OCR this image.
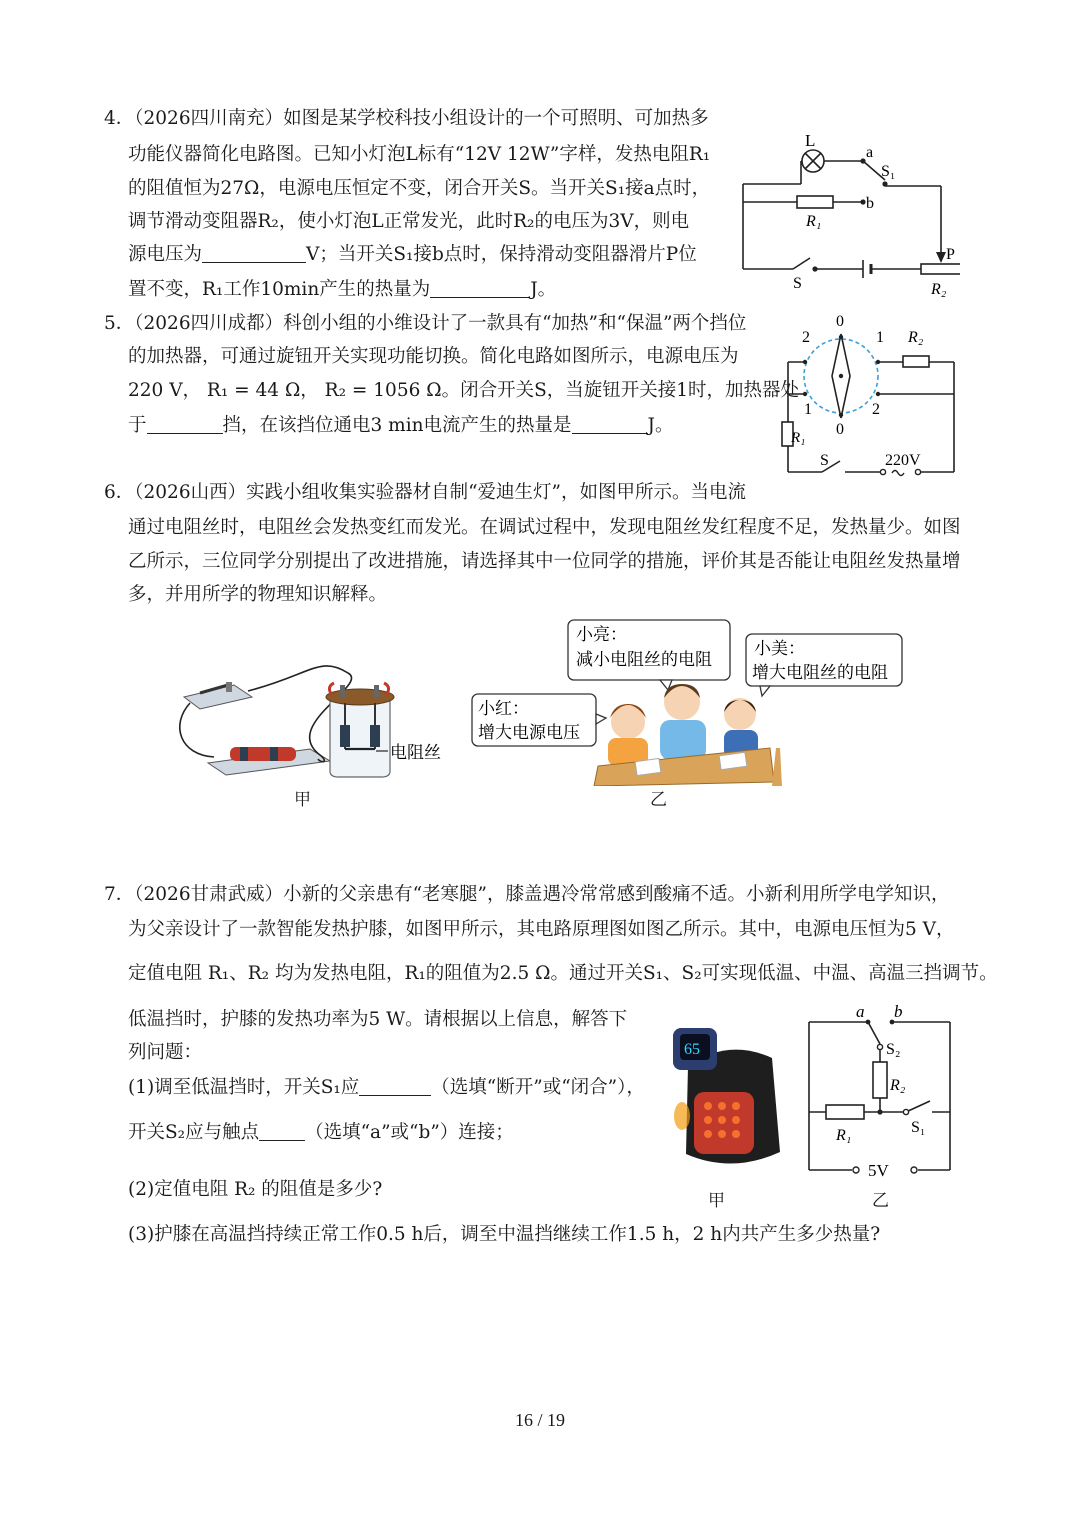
4．（2026四川南充）如图是某学校科技小组设计的一个可照明、可加热多
功能仪器简化电路图。已知小灯泡L标有“12V 12W”字样，发热电阻R₁
的阻值恒为27Ω，电源电压恒定不变，闭合开关S。当开关S₁接a点时，
调节滑动变阻器R₂，使小灯泡L正常发光，此时R₂的电压为3V，则电
源电压为	V；当开关S₁接b点时，保持滑动变阻器滑片P位
置不变，R₁工作10min产生的热量为	J。
L
a
b
S₁
R₁
S
P
R₂
5．（2026四川成都）科创小组的小维设计了一款具有“加热”和“保温”两个挡位
的加热器，可通过旋钮开关实现功能切换。简化电路如图所示，电源电压为
220 V， R₁ = 44 Ω， R₂ = 1056 Ω。闭合开关S，当旋钮开关接1时，加热器处
于	挡，在该挡位通电3 min电流产生的热量是	J。
0
1
2
1
0
2
R₂
R₁
S	220V
6．（2026山西）实践小组收集实验器材自制“爱迪生灯”，如图甲所示。当电流
通过电阻丝时，电阻丝会发热变红而发光。在调试过程中，发现电阻丝发红程度不足，发热量少。如图
乙所示，三位同学分别提出了改进措施，请选择其中一位同学的措施，评价其是否能让电阻丝发热量增
多，并用所学的物理知识解释。
电阻丝
甲
小亮：
减小电阻丝的电阻
小美：
增大电阻丝的电阻
小红：
增大电源电压
乙
7．（2026甘肃武威）小新的父亲患有“老寒腿”，膝盖遇冷常常感到酸痛不适。小新利用所学电学知识，
为父亲设计了一款智能发热护膝，如图甲所示，其电路原理图如图乙所示。其中，电源电压恒为5 V，
定值电阻 R₁、R₂ 均为发热电阻，R₁的阻值为2.5 Ω。通过开关S₁、S₂可实现低温、中温、高温三挡调节。
低温挡时，护膝的发热功率为5 W。请根据以上信息，解答下
列问题：
(1)调至低温挡时，开关S₁应	（选填“断开”或“闭合”），
开关S₂应与触点 （选填“a”或“b”）连接；
(2)定值电阻 R₂ 的阻值是多少?
(3)护膝在高温挡持续正常工作0.5 h后，调至中温挡继续工作1.5 h，2 h内共产生多少热量?
65
甲
a b
S₂
R₂
R₁	S₁
5V
乙
16 / 19
